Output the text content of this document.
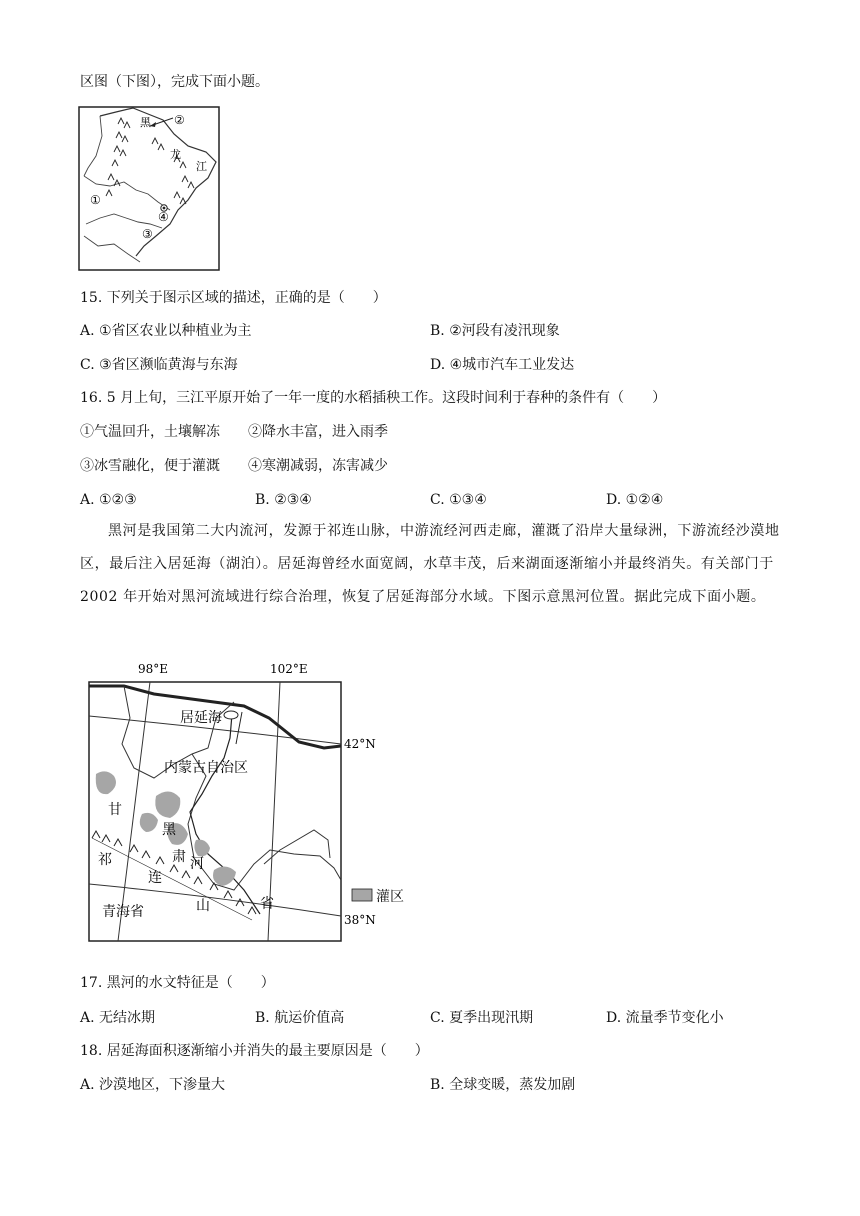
区图（下图），完成下面小题。
黑
龙
江
②
①
④
③
15. 下列关于图示区域的描述，正确的是（　　）
A. ①省区农业以种植业为主	B. ②河段有凌汛现象
C. ③省区濒临黄海与东海	D. ④城市汽车工业发达
16. 5 月上旬，三江平原开始了一年一度的水稻插秧工作。这段时间利于春种的条件有（　　）
①气温回升，土壤解冻　　②降水丰富，进入雨季
③冰雪融化，便于灌溉　　④寒潮减弱，冻害减少
A. ①②③	B. ②③④	C. ①③④	D. ①②④
黑河是我国第二大内流河，发源于祁连山脉，中游流经河西走廊，灌溉了沿岸大量绿洲，下游流经沙漠地区，最后注入居延海（湖泊）。居延海曾经水面宽阔，水草丰茂，后来湖面逐渐缩小并最终消失。有关部门于 2002 年开始对黑河流域进行综合治理，恢复了居延海部分水域。下图示意黑河位置。据此完成下面小题。
98°E	102°E
居延海
42°N
内蒙古自治区
甘
黑
肃 河
祁
连
山	省
青海省	38°N
灌区
17. 黑河的水文特征是（　　）
A. 无结冰期	B. 航运价值高	C. 夏季出现汛期	D. 流量季节变化小
18. 居延海面积逐渐缩小并消失的最主要原因是（　　）
A. 沙漠地区，下渗量大	B. 全球变暖，蒸发加剧
